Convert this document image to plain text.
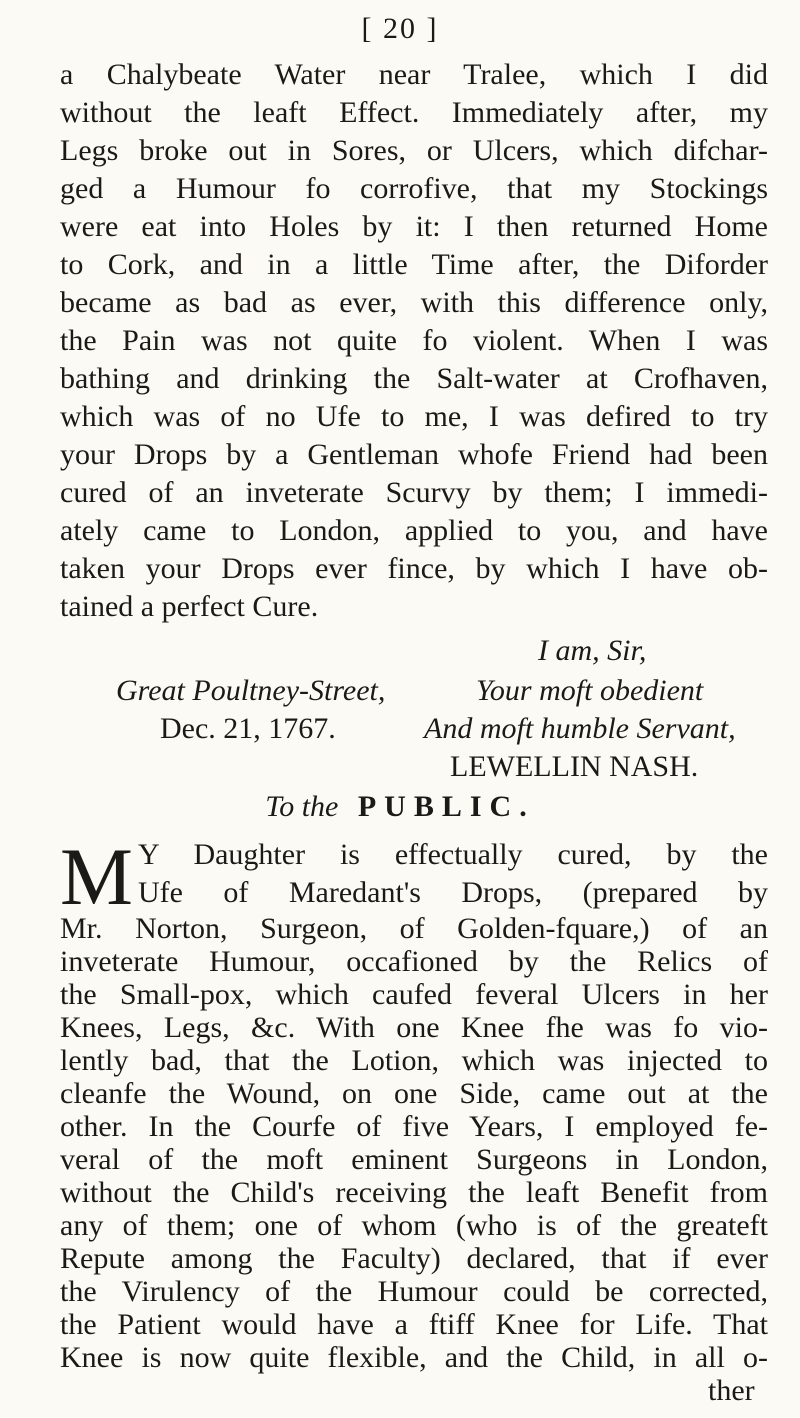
[ 20 ]
a Chalybeate Water near Tralee, which I did
without the leaft Effect. Immediately after, my
Legs broke out in Sores, or Ulcers, which difchar-
ged a Humour fo corrofive, that my Stockings
were eat into Holes by it: I then returned Home
to Cork, and in a little Time after, the Diforder
became as bad as ever, with this difference only,
the Pain was not quite fo violent. When I was
bathing and drinking the Salt-water at Crofhaven,
which was of no Ufe to me, I was defired to try
your Drops by a Gentleman whofe Friend had been
cured of an inveterate Scurvy by them; I immedi-
ately came to London, applied to you, and have
taken your Drops ever fince, by which I have ob-
tained a perfect Cure.
I am, Sir,
Great Poultney-Street,	Your moft obedient
Dec. 21, 1767.	And moft humble Servant,
LEWELLIN NASH.
To the PUBLIC.
M Y Daughter is effectually cured, by the
Ufe of Maredant's Drops, (prepared by
Mr. Norton, Surgeon, of Golden-fquare,) of an
inveterate Humour, occafioned by the Relics of
the Small-pox, which caufed feveral Ulcers in her
Knees, Legs, &c. With one Knee fhe was fo vio-
lently bad, that the Lotion, which was injected to
cleanfe the Wound, on one Side, came out at the
other. In the Courfe of five Years, I employed fe-
veral of the moft eminent Surgeons in London,
without the Child's receiving the leaft Benefit from
any of them; one of whom (who is of the greateft
Repute among the Faculty) declared, that if ever
the Virulency of the Humour could be corrected,
the Patient would have a ftiff Knee for Life. That
Knee is now quite flexible, and the Child, in all o-
ther
